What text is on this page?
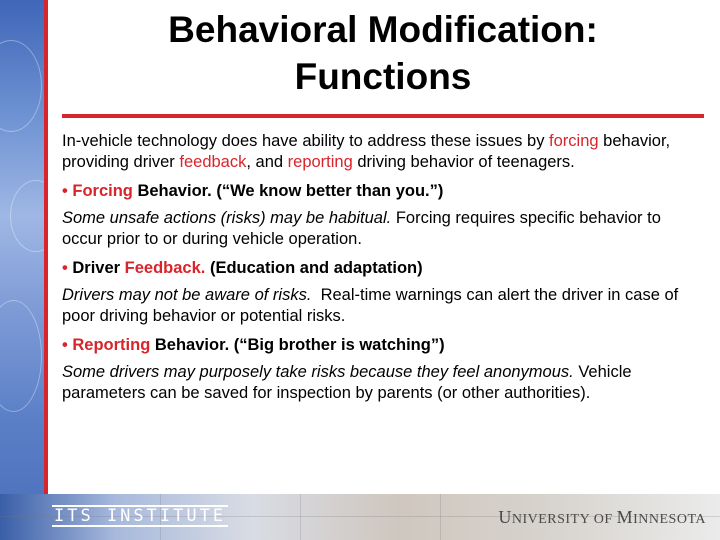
Behavioral Modification:
Functions

In-vehicle technology does have ability to address these issues by forcing behavior, providing driver feedback, and reporting driving behavior of teenagers.

• Forcing Behavior. (“We know better than you.”)

Some unsafe actions (risks) may be habitual. Forcing requires specific behavior to occur prior to or during vehicle operation.

• Driver Feedback. (Education and adaptation)

Drivers may not be aware of risks.  Real-time warnings can alert the driver in case of poor driving behavior or potential risks.

• Reporting Behavior. (“Big brother is watching”)

Some drivers may purposely take risks because they feel anonymous. Vehicle parameters can be saved for inspection by parents (or other authorities).

ITS INSTITUTE	UNIVERSITY OF MINNESOTA
